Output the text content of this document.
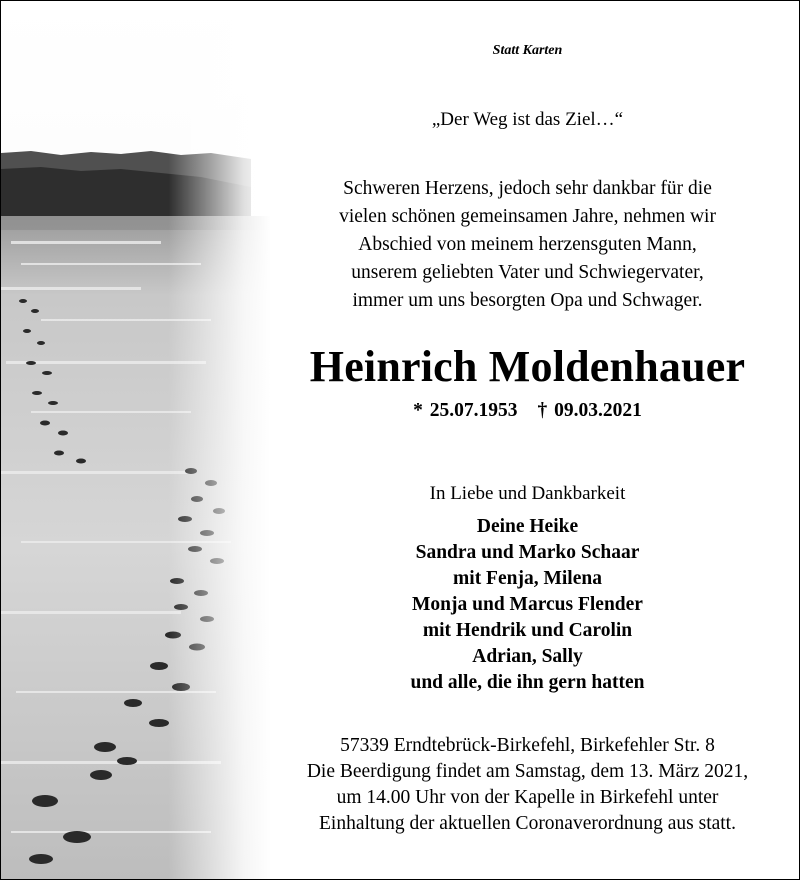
Statt Karten
„Der Weg ist das Ziel…“
Schweren Herzens, jedoch sehr dankbar für die
vielen schönen gemeinsamen Jahre, nehmen wir
Abschied von meinem herzensguten Mann,
unserem geliebten Vater und Schwiegervater,
immer um uns besorgten Opa und Schwager.
Heinrich Moldenhauer
* 25.07.1953 † 09.03.2021
In Liebe und Dankbarkeit
Deine Heike
Sandra und Marko Schaar
mit Fenja, Milena
Monja und Marcus Flender
mit Hendrik und Carolin
Adrian, Sally
und alle, die ihn gern hatten
57339 Erndtebrück-Birkefehl, Birkefehler Str. 8
Die Beerdigung findet am Samstag, dem 13. März 2021,
um 14.00 Uhr von der Kapelle in Birkefehl unter
Einhaltung der aktuellen Coronaverordnung aus statt.
